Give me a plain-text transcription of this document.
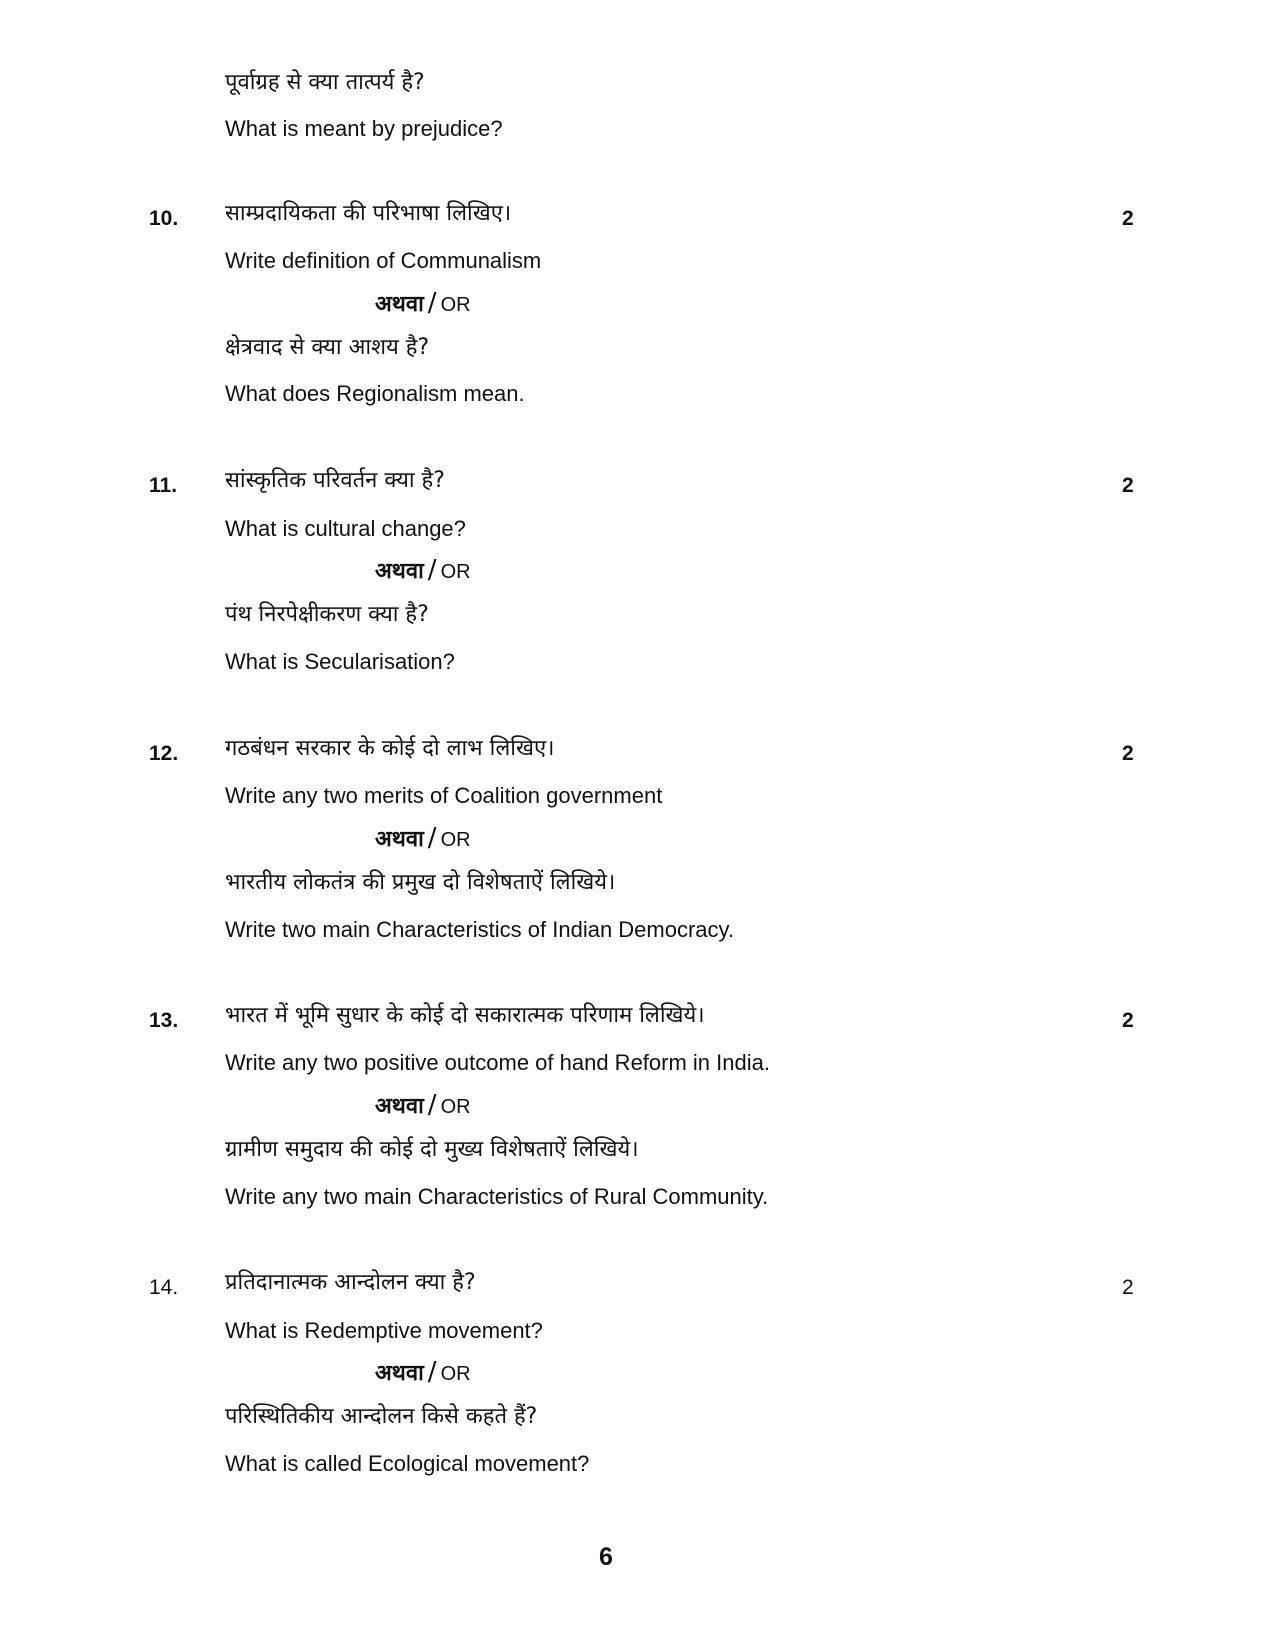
पूर्वाग्रह से क्या तात्पर्य है?
What is meant by prejudice?
10. साम्प्रदायिकता की परिभाषा लिखिए।	2
Write definition of Communalism
अथवा / OR
क्षेत्रवाद से क्या आशय है?
What does Regionalism mean.
11. सांस्कृतिक परिवर्तन क्या है?	2
What is cultural change?
अथवा / OR
पंथ निरपेक्षीकरण क्या है?
What is Secularisation?
12. गठबंधन सरकार के कोई दो लाभ लिखिए।	2
Write any two merits of Coalition government
अथवा / OR
भारतीय लोकतंत्र की प्रमुख दो विशेषताऐं लिखिये।
Write two main Characteristics of Indian Democracy.
13. भारत में भूमि सुधार के कोई दो सकारात्मक परिणाम लिखिये।	2
Write any two positive outcome of hand Reform in India.
अथवा / OR
ग्रामीण समुदाय की कोई दो मुख्य विशेषताऐं लिखिये।
Write any two main Characteristics of Rural Community.
14. प्रतिदानात्मक आन्दोलन क्या है?	2
What is Redemptive movement?
अथवा / OR
परिस्थितिकीय आन्दोलन किसे कहते हैं?
What is called Ecological movement?
6
